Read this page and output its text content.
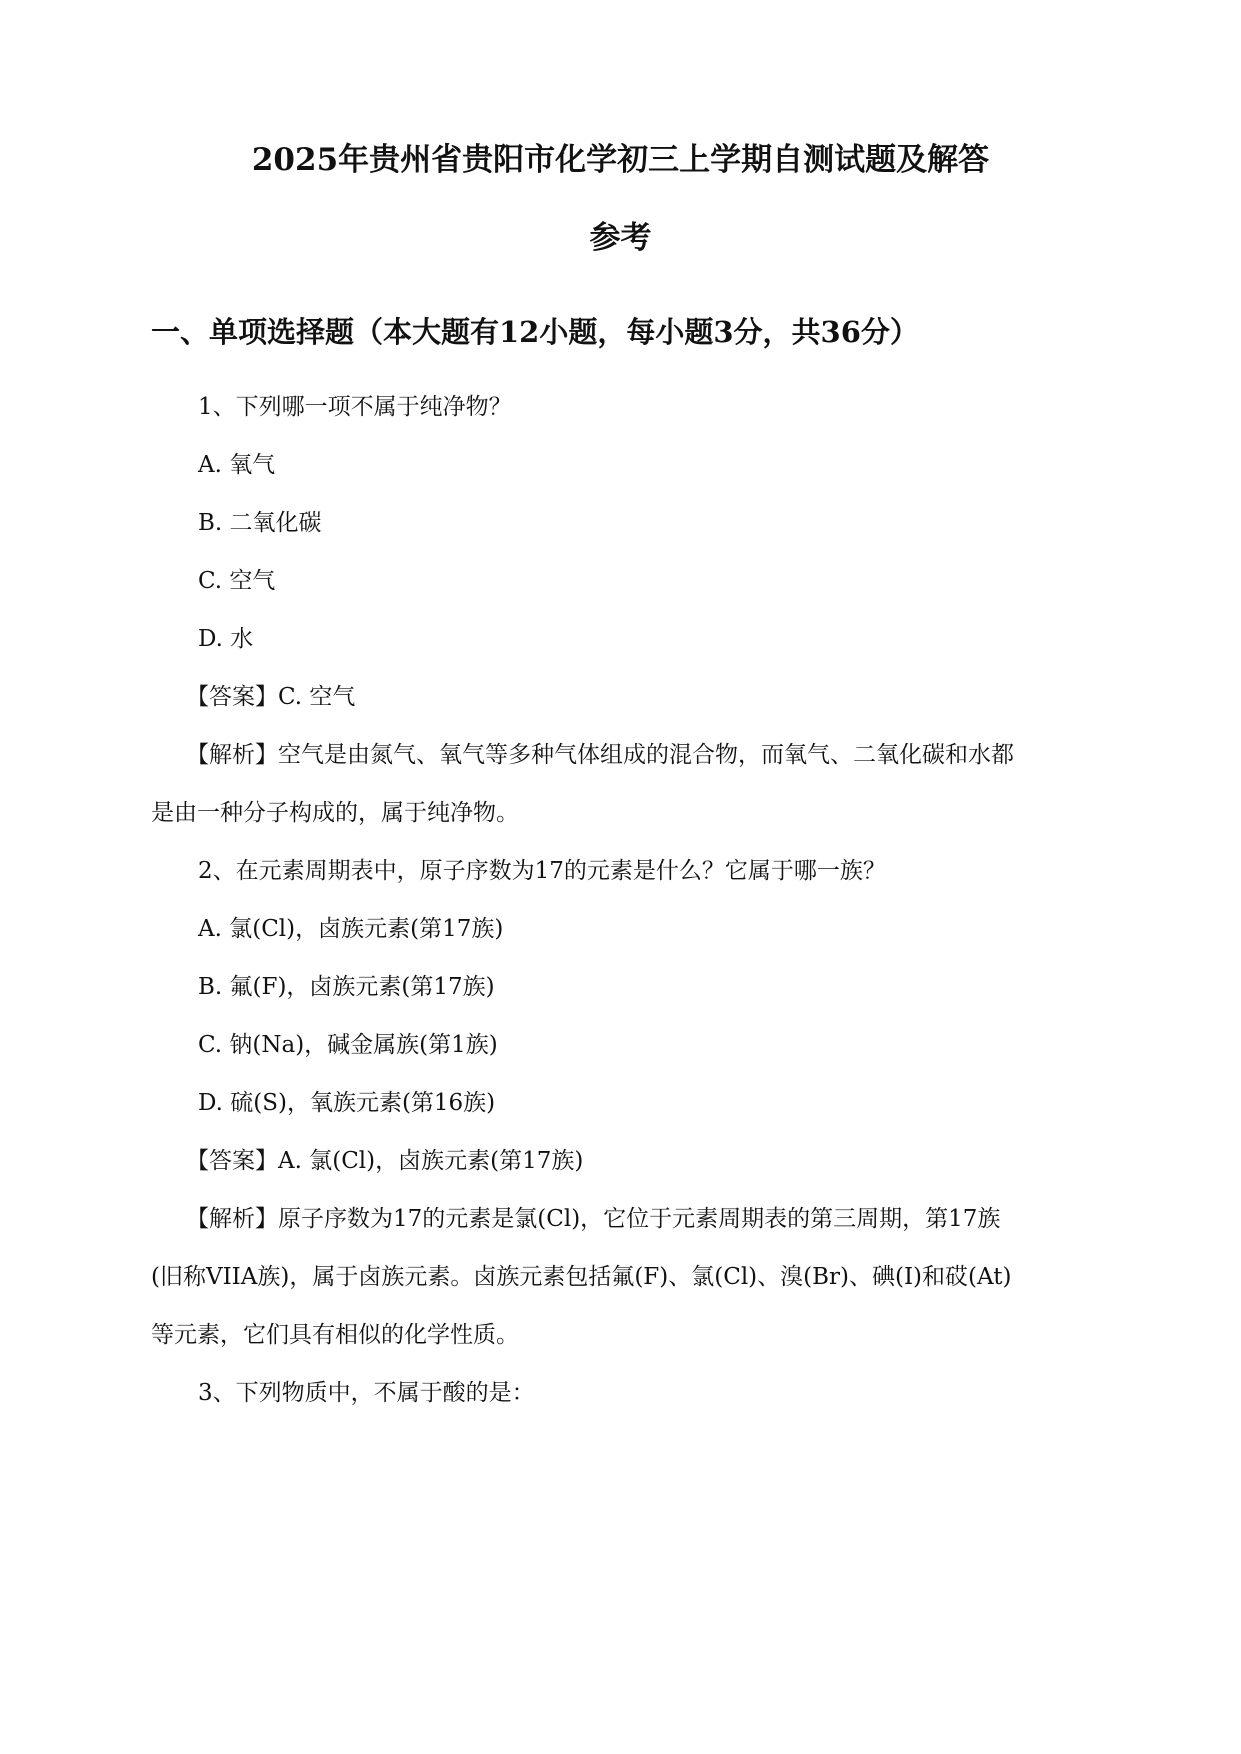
2025年贵州省贵阳市化学初三上学期自测试题及解答
参考
一、单项选择题（本大题有12小题，每小题3分，共36分）
1、下列哪一项不属于纯净物？
A. 氧气
B. 二氧化碳
C. 空气
D. 水
【答案】C. 空气
【解析】空气是由氮气、氧气等多种气体组成的混合物，而氧气、二氧化碳和水都
是由一种分子构成的，属于纯净物。
2、在元素周期表中，原子序数为17的元素是什么？它属于哪一族？
A. 氯(Cl)，卤族元素(第17族)
B. 氟(F)，卤族元素(第17族)
C. 钠(Na)，碱金属族(第1族)
D. 硫(S)，氧族元素(第16族)
【答案】A. 氯(Cl)，卤族元素(第17族)
【解析】原子序数为17的元素是氯(Cl)，它位于元素周期表的第三周期，第17族
(旧称VIIA族)，属于卤族元素。卤族元素包括氟(F)、氯(Cl)、溴(Br)、碘(I)和砹(At)
等元素，它们具有相似的化学性质。
3、下列物质中，不属于酸的是：
